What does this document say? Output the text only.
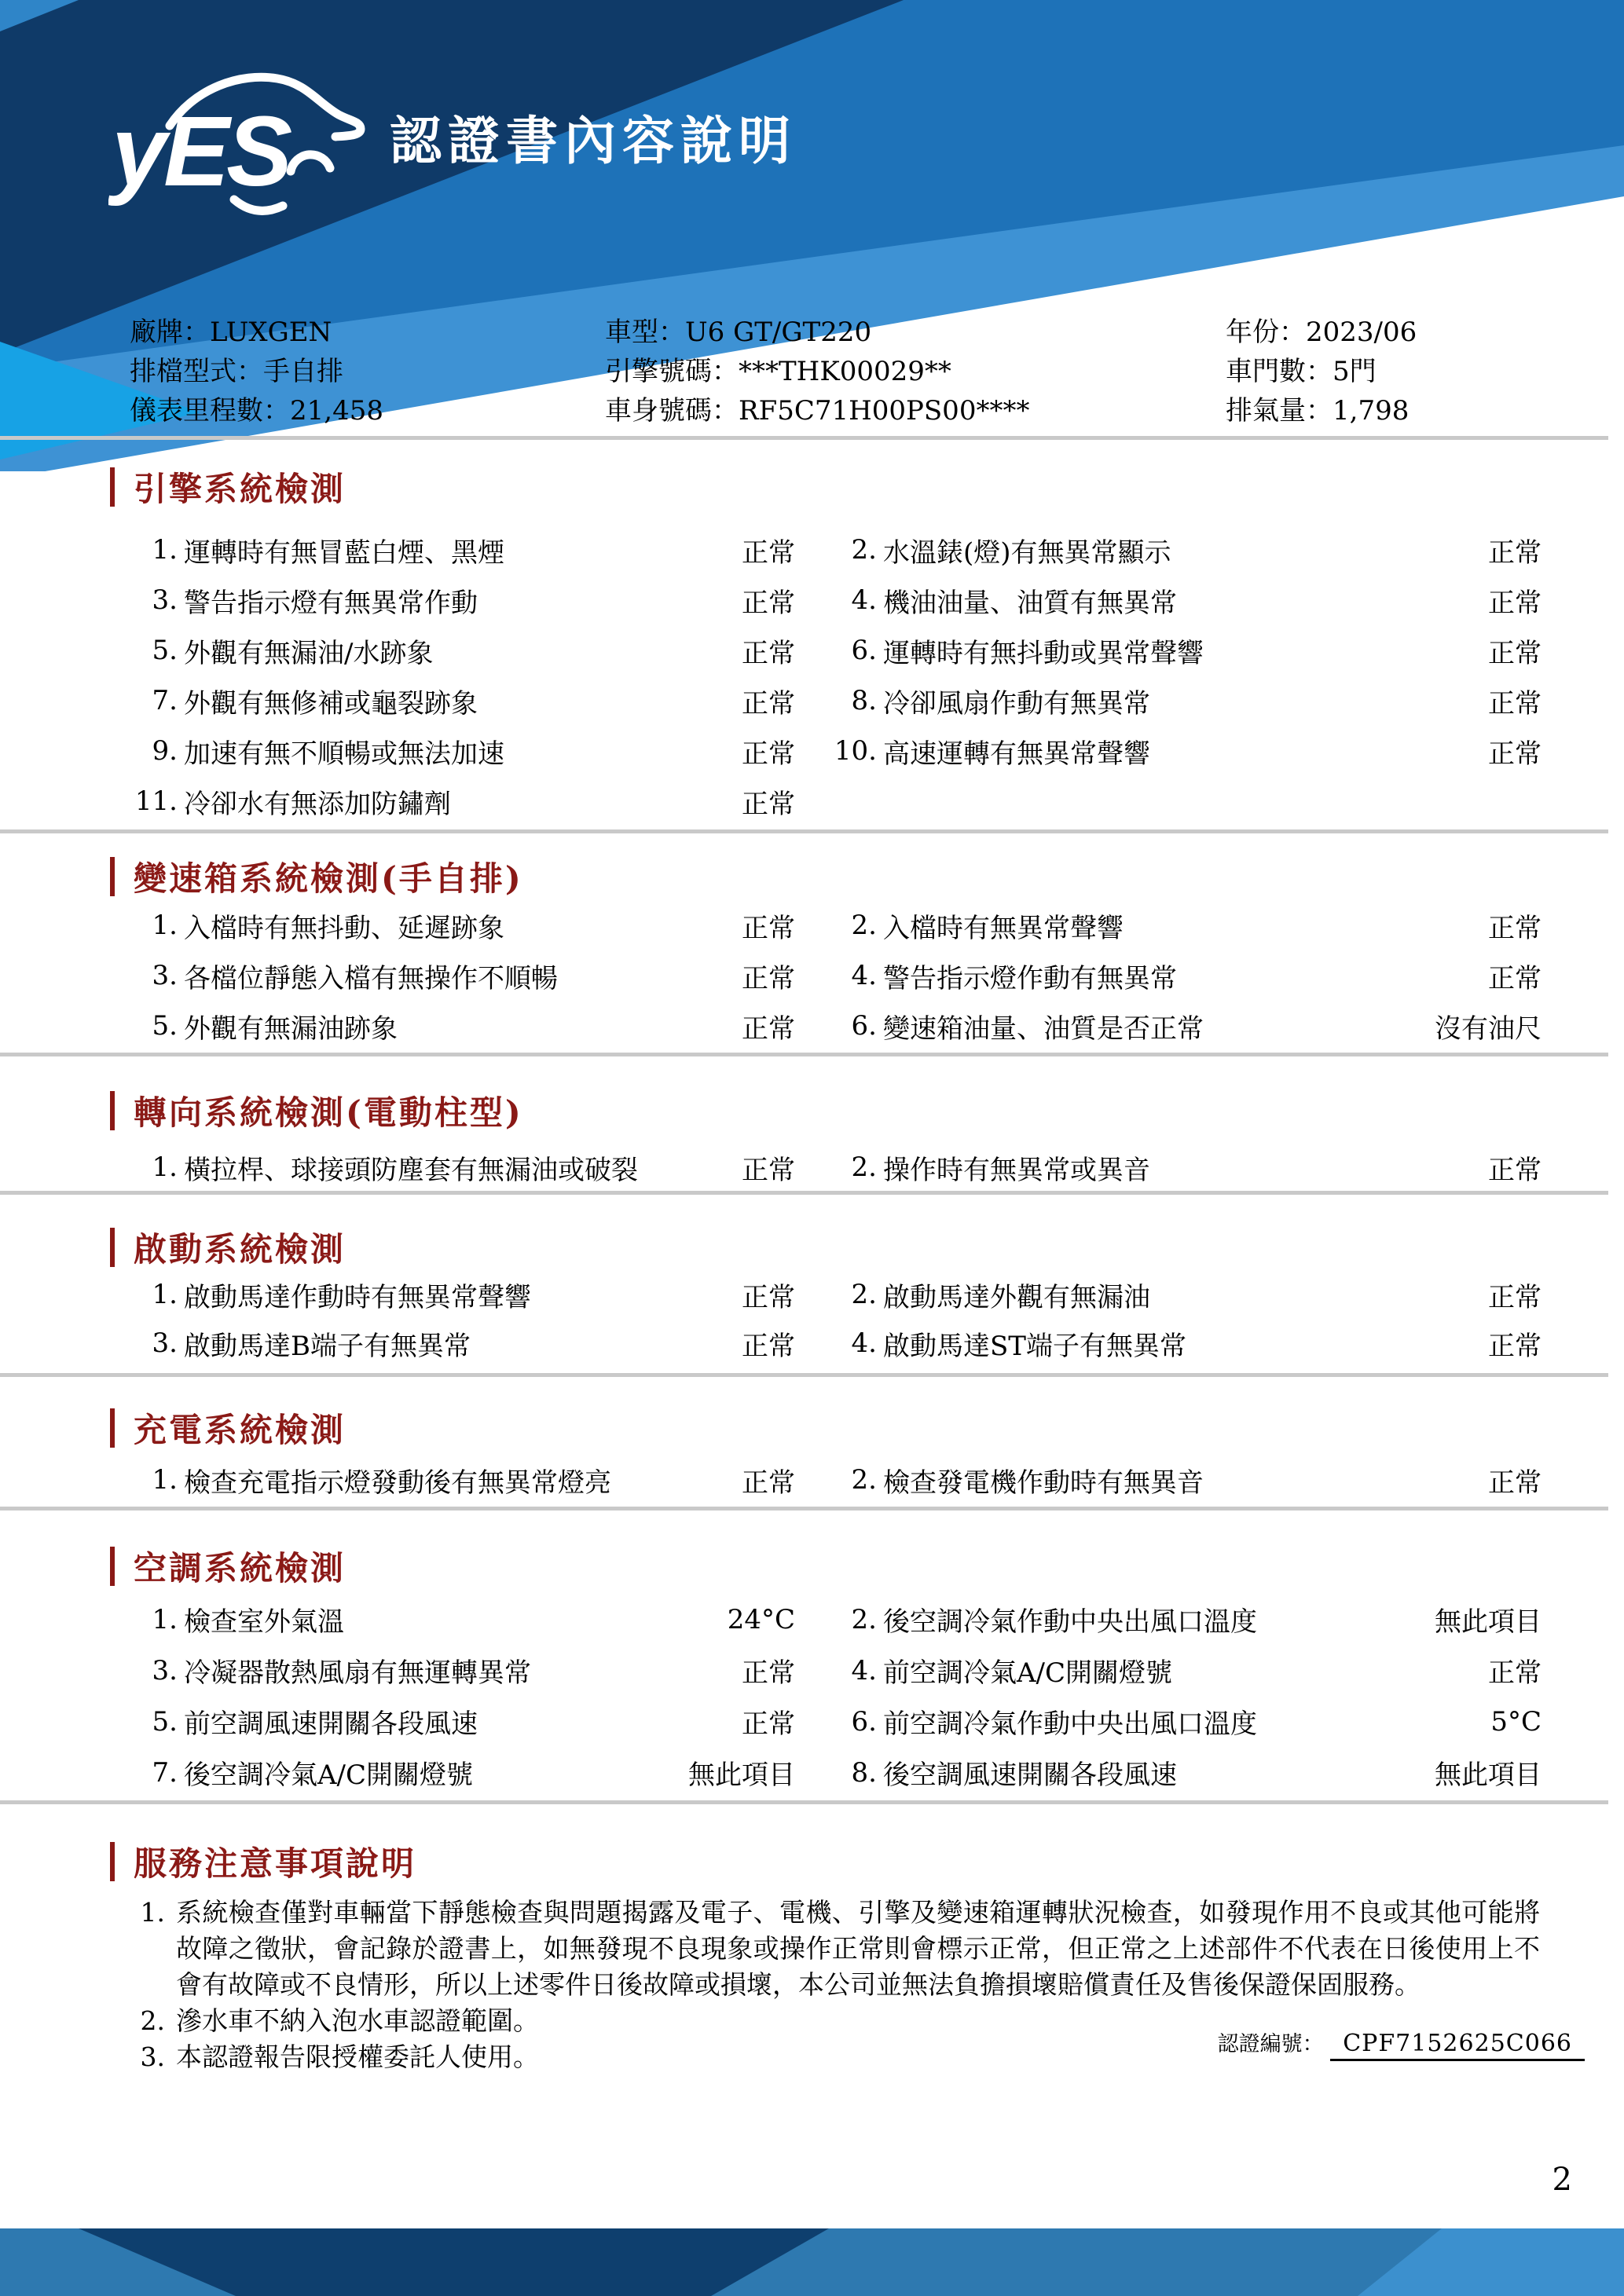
yES 認證書內容說明
廠牌：LUXGEN
排檔型式：手自排
儀表里程數：21,458
車型：U6 GT/GT220
引擎號碼：***THK00029**
車身號碼：RF5C71H00PS00****
年份：2023/06
車門數：5門
排氣量：1,798
引擎系統檢測
1. 運轉時有無冒藍白煙、黑煙	正常	2. 水溫錶(燈)有無異常顯示	正常
3. 警告指示燈有無異常作動	正常	4. 機油油量、油質有無異常	正常
5. 外觀有無漏油/水跡象	正常	6. 運轉時有無抖動或異常聲響	正常
7. 外觀有無修補或龜裂跡象	正常	8. 冷卻風扇作動有無異常	正常
9. 加速有無不順暢或無法加速	正常 10. 高速運轉有無異常聲響	正常
11. 冷卻水有無添加防鏽劑	正常
變速箱系統檢測(手自排)
1. 入檔時有無抖動、延遲跡象	正常	2. 入檔時有無異常聲響	正常
3. 各檔位靜態入檔有無操作不順暢	正常	4. 警告指示燈作動有無異常	正常
5. 外觀有無漏油跡象	正常	6. 變速箱油量、油質是否正常	沒有油尺
轉向系統檢測(電動柱型)
1. 橫拉桿、球接頭防塵套有無漏油或破裂	正常	2. 操作時有無異常或異音	正常
啟動系統檢測
1. 啟動馬達作動時有無異常聲響	正常	2. 啟動馬達外觀有無漏油	正常
3. 啟動馬達B端子有無異常	正常	4. 啟動馬達ST端子有無異常	正常
充電系統檢測
1. 檢查充電指示燈發動後有無異常燈亮	正常	2. 檢查發電機作動時有無異音	正常
空調系統檢測
1. 檢查室外氣溫	24°C	2. 後空調冷氣作動中央出風口溫度	無此項目
3. 冷凝器散熱風扇有無運轉異常	正常	4. 前空調冷氣A/C開關燈號	正常
5. 前空調風速開關各段風速	正常	6. 前空調冷氣作動中央出風口溫度	5°C
7. 後空調冷氣A/C開關燈號	無此項目	8. 後空調風速開關各段風速	無此項目
服務注意事項說明
1. 系統檢查僅對車輛當下靜態檢查與問題揭露及電子、電機、引擎及變速箱運轉狀況檢查，如發現作用不良或其他可能將故障之徵狀，會記錄於證書上，如無發現不良現象或操作正常則會標示正常，但正常之上述部件不代表在日後使用上不會有故障或不良情形，所以上述零件日後故障或損壞，本公司並無法負擔損壞賠償責任及售後保證保固服務。
2. 滲水車不納入泡水車認證範圍。
3. 本認證報告限授權委託人使用。	認證編號： CPF7152625C066
2
